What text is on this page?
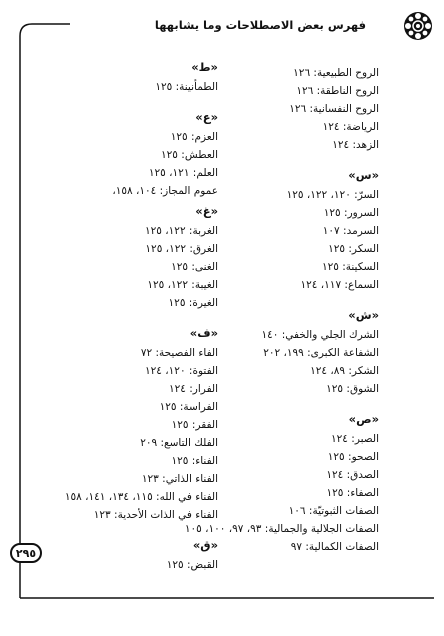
فهرس بعض الاصطلاحات وما يشابهها
٢٩٥
الروح الطبيعية: ١٢٦
الروح الناطقة: ١٢٦
الروح النفسانية: ١٢٦
الرياضة: ١٢٤
الزهد: ١٢٤
«س»
السرّ: ١٢٠، ١٢٢، ١٢٥
السرور: ١٢٥
السرمد: ١٠٧
السكر: ١٢٥
السكينة: ١٢٥
السماع: ١١٧، ١٢٤
«ش»
الشرك الجلي والخفي: ١٤٠
الشفاعة الكبرى: ١٩٩، ٢٠٢
الشكر: ٨٩، ١٢٤
الشوق: ١٢٥
«ص»
الصبر: ١٢٤
الصحو: ١٢٥
الصدق: ١٢٤
الصفاء: ١٢٥
الصفات الثبوتيّة: ١٠٦
الصفات الجلالية والجمالية: ٩٣، ٩٧، ١٠٠، ١٠٥
الصفات الكمالية: ٩٧
«ط»
الطمأنينة: ١٢٥
«ع»
العزم: ١٢٥
العطش: ١٢٥
العلم: ١٢١، ١٢٥
عموم المجاز: ١٠٤، ١٥٨،
«غ»
الغربة: ١٢٢، ١٢٥
الغرق: ١٢٢، ١٢٥
الغنى: ١٢٥
الغيبة: ١٢٢، ١٢٥
الغيرة: ١٢٥
«ف»
الفاء الفصيحة: ٧٢
الفتوة: ١٢٠، ١٢٤
الفرار: ١٢٤
الفراسة: ١٢٥
الفقر: ١٢٥
الفلك التاسع: ٢٠٩
الفناء: ١٢٥
الفناء الذاتي: ١٢٣
الفناء في الله: ١١٥، ١٣٤، ١٤١، ١٥٨
الفناء في الذات الأحدية: ١٢٣
«ق»
القبض: ١٢٥
